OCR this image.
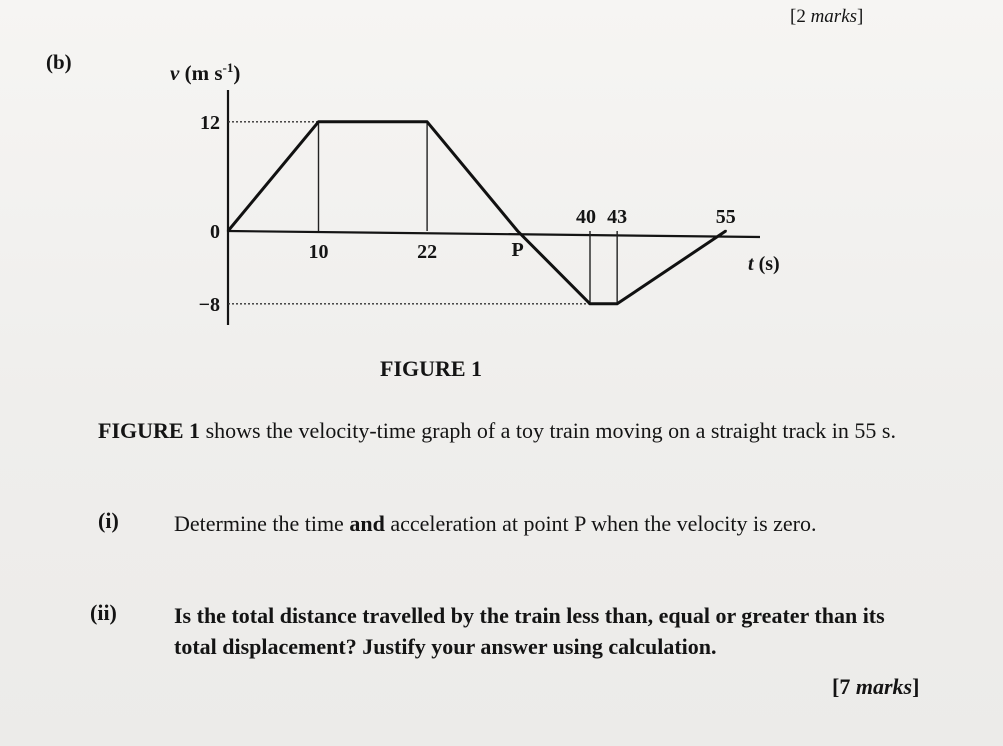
[2 marks]
(b)	v (m $s^{-1}$)
12
0
−8
10	22
40 43	55
P
t (s)
FIGURE 1
FIGURE 1 shows the velocity-time graph of a toy train moving on a straight track in 55 s.
(i)	Determine the time and acceleration at point P when the velocity is zero.
(ii)	Is the total distance travelled by the train less than, equal or greater than its total displacement? Justify your answer using calculation.
[7 marks]
